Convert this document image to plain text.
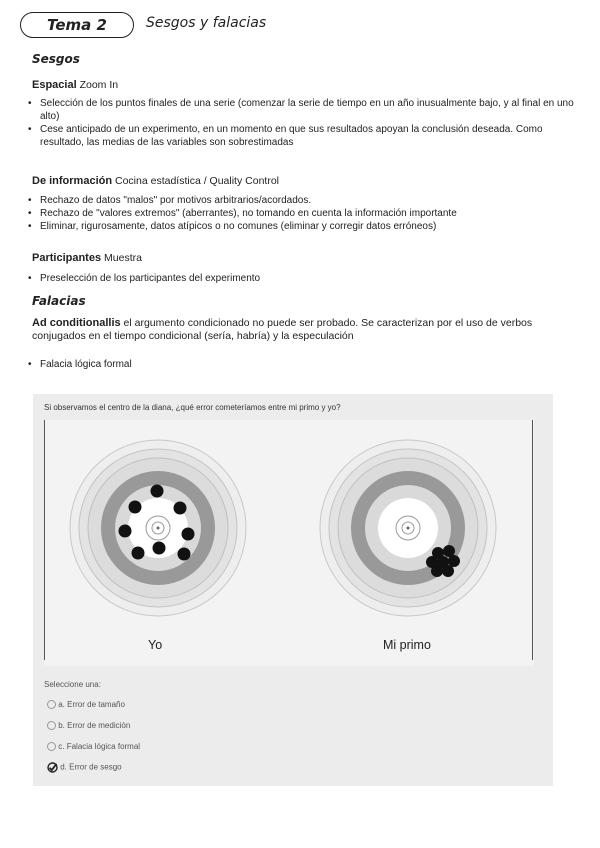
Tema 2	Sesgos y falacias
Sesgos
Espacial Zoom In
• Selección de los puntos finales de una serie (comenzar la serie de tiempo en un año inusualmente bajo, y al final en uno alto)
• Cese anticipado de un experimento, en un momento en que sus resultados apoyan la conclusión deseada. Como resultado, las medias de las variables son sobrestimadas
De información Cocina estadística / Quality Control
• Rechazo de datos "malos" por motivos arbitrarios/acordados.
• Rechazo de "valores extremos" (aberrantes), no tomando en cuenta la información importante
• Eliminar, rigurosamente, datos atípicos o no comunes (eliminar y corregir datos erróneos)
Participantes Muestra
• Preselección de los participantes del experimento
Falacias
Ad conditionallis el argumento condicionado no puede ser probado. Se caracterizan por el uso de verbos conjugados en el tiempo condicional (sería, habría) y la especulación
• Falacia lógica formal
Si observamos el centro de la diana, ¿qué error cometeríamos entre mi primo y yo?
Yo	Mi primo
Seleccione una:
a. Error de tamaño
b. Error de medición
c. Falacia lógica formal
d. Error de sesgo
